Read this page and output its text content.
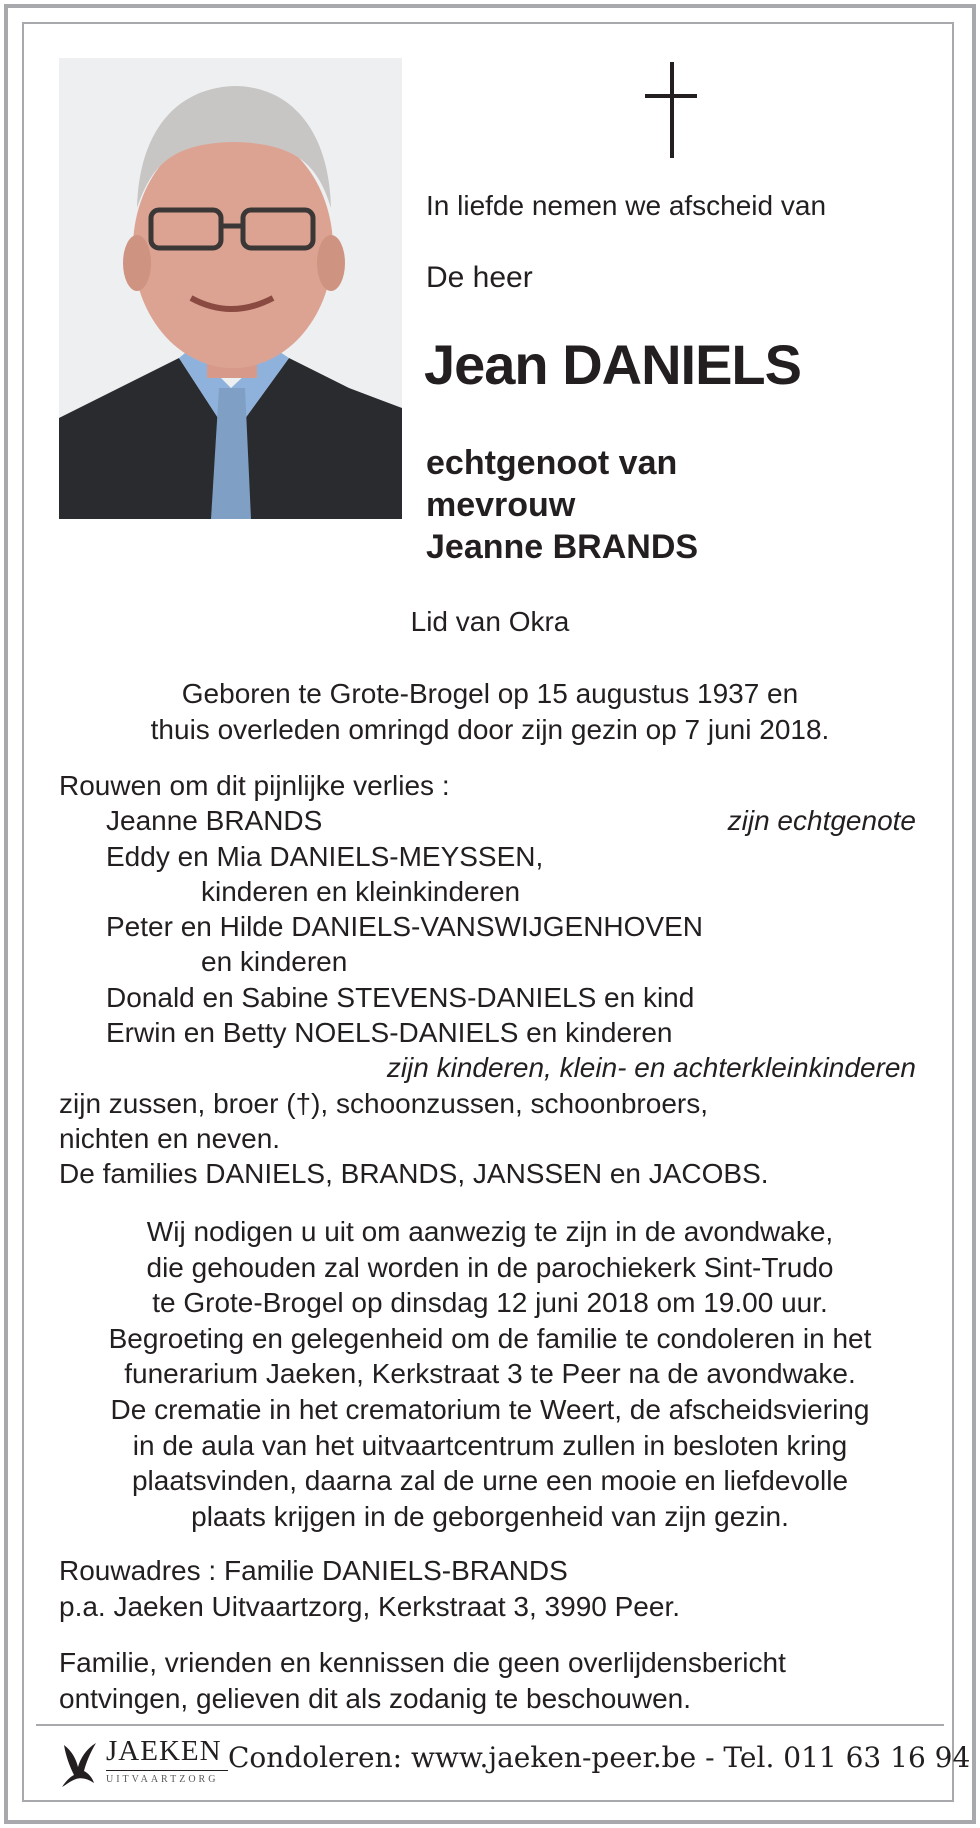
In liefde nemen we afscheid van
De heer
Jean DANIELS
echtgenoot van
mevrouw
Jeanne BRANDS
Lid van Okra
Geboren te Grote-Brogel op 15 augustus 1937 en
thuis overleden omringd door zijn gezin op 7 juni 2018.
Rouwen om dit pijnlijke verlies :
Jeanne BRANDS	zijn echtgenote
Eddy en Mia DANIELS-MEYSSEN,
kinderen en kleinkinderen
Peter en Hilde DANIELS-VANSWIJGENHOVEN
en kinderen
Donald en Sabine STEVENS-DANIELS en kind
Erwin en Betty NOELS-DANIELS en kinderen
zijn kinderen, klein- en achterkleinkinderen
zijn zussen, broer (†), schoonzussen, schoonbroers,
nichten en neven.
De families DANIELS, BRANDS, JANSSEN en JACOBS.
Wij nodigen u uit om aanwezig te zijn in de avondwake,
die gehouden zal worden in de parochiekerk Sint-Trudo
te Grote-Brogel op dinsdag 12 juni 2018 om 19.00 uur.
Begroeting en gelegenheid om de familie te condoleren in het
funerarium Jaeken, Kerkstraat 3 te Peer na de avondwake.
De crematie in het crematorium te Weert, de afscheidsviering
in de aula van het uitvaartcentrum zullen in besloten kring
plaatsvinden, daarna zal de urne een mooie en liefdevolle
plaats krijgen in de geborgenheid van zijn gezin.
Rouwadres : Familie DANIELS-BRANDS
p.a. Jaeken Uitvaartzorg, Kerkstraat 3, 3990 Peer.
Familie, vrienden en kennissen die geen overlijdensbericht
ontvingen, gelieven dit als zodanig te beschouwen.
JAEKEN
UITVAARTZORG
Condoleren: www.jaeken-peer.be - Tel. 011 63 16 94
